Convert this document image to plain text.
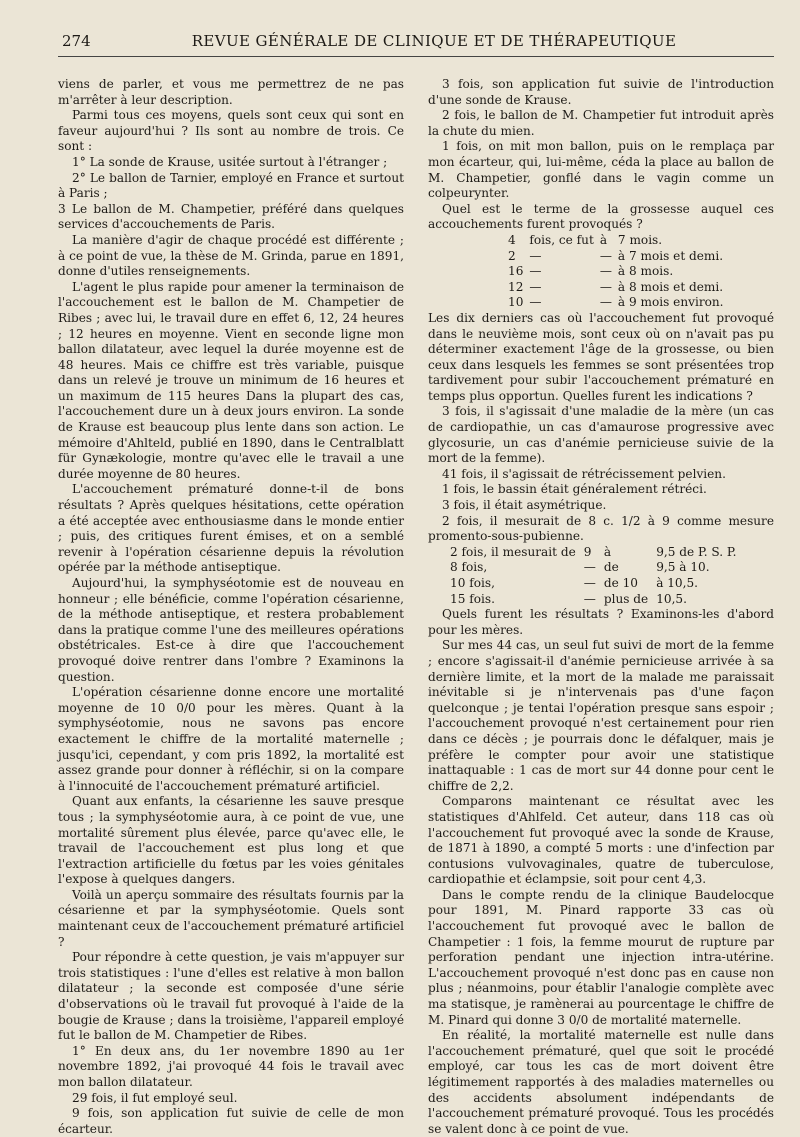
274	REVUE GÉNÉRALE DE CLINIQUE ET DE THÉRAPEUTIQUE

viens de parler, et vous me permettrez de ne pas m'arrêter à leur description.

Parmi tous ces moyens, quels sont ceux qui sont en faveur aujourd'hui ? Ils sont au nombre de trois. Ce sont :

1° La sonde de Krause, usitée surtout à l'étranger ;

2° Le ballon de Tarnier, employé en France et surtout à Paris ;

3 Le ballon de M. Champetier, préféré dans quelques services d'accouchements de Paris.

La manière d'agir de chaque procédé est différente ; à ce point de vue, la thèse de M. Grinda, parue en 1891, donne d'utiles renseignements.

L'agent le plus rapide pour amener la terminaison de l'accouchement est le ballon de M. Champetier de Ribes ; avec lui, le travail dure en effet 6, 12, 24 heures ; 12 heures en moyenne. Vient en seconde ligne mon ballon dilatateur, avec lequel la durée moyenne est de 48 heures. Mais ce chiffre est très variable, puisque dans un relevé je trouve un minimum de 16 heures et un maximum de 115 heures Dans la plupart des cas, l'accouchement dure un à deux jours environ. La sonde de Krause est beaucoup plus lente dans son action. Le mémoire d'Ahlteld, publié en 1890, dans le Centralblatt für Gynækologie, montre qu'avec elle le travail a une durée moyenne de 80 heures.

L'accouchement prématuré donne-t-il de bons résultats ? Après quelques hésitations, cette opération a été acceptée avec enthousiasme dans le monde entier ; puis, des critiques furent émises, et on a semblé revenir à l'opération césarienne depuis la révolution opérée par la méthode antiseptique.

Aujourd'hui, la symphyséotomie est de nouveau en honneur ; elle bénéficie, comme l'opération césarienne, de la méthode antiseptique, et restera probablement dans la pratique comme l'une des meilleures opérations obstétricales. Est-ce à dire que l'accouchement provoqué doive rentrer dans l'ombre ? Examinons la question.

L'opération césarienne donne encore une mortalité moyenne de 10 0/0 pour les mères. Quant à la symphyséotomie, nous ne savons pas encore exactement le chiffre de la mortalité maternelle ; jusqu'ici, cependant, y com pris 1892, la mortalité est assez grande pour donner à réfléchir, si on la compare à l'innocuité de l'accouchement prématuré artificiel.

Quant aux enfants, la césarienne les sauve presque tous ; la symphyséotomie aura, à ce point de vue, une mortalité sûrement plus élevée, parce qu'avec elle, le travail de l'accouchement est plus long et que l'extraction artificielle du fœtus par les voies génitales l'expose à quelques dangers.

Voilà un aperçu sommaire des résultats fournis par la césarienne et par la symphyséotomie. Quels sont maintenant ceux de l'accouchement prématuré artificiel ?

Pour répondre à cette question, je vais m'appuyer sur trois statistiques : l'une d'elles est relative à mon ballon dilatateur ; la seconde est composée d'une série d'observations où le travail fut provoqué à l'aide de la bougie de Krause ; dans la troisième, l'appareil employé fut le ballon de M. Champetier de Ribes.

1° En deux ans, du 1er novembre 1890 au 1er novembre 1892, j'ai provoqué 44 fois le travail avec mon ballon dilatateur.

29 fois, il fut employé seul.

9 fois, son application fut suivie de celle de mon écarteur.

3 fois, son application fut suivie de l'introduction d'une sonde de Krause.

2 fois, le ballon de M. Champetier fut introduit après la chute du mien.

1 fois, on mit mon ballon, puis on le remplaça par mon écarteur, qui, lui-même, céda la place au ballon de M. Champetier, gonflé dans le vagin comme un colpeurynter.

Quel est le terme de la grossesse auquel ces accouchements furent provoqués ?

4	fois, ce fut	à	7 mois.
2	—	—	à 7 mois et demi.
16	—	—	à 8 mois.
12	—	—	à 8 mois et demi.
10	—	—	à 9 mois environ.

Les dix derniers cas où l'accouchement fut provoqué dans le neuvième mois, sont ceux où on n'avait pas pu déterminer exactement l'âge de la grossesse, ou bien ceux dans lesquels les femmes se sont présentées trop tardivement pour subir l'accouchement prématuré en temps plus opportun. Quelles furent les indications ?

3 fois, il s'agissait d'une maladie de la mère (un cas de cardiopathie, un cas d'amaurose progressive avec glycosurie, un cas d'anémie pernicieuse suivie de la mort de la femme).

41 fois, il s'agissait de rétrécissement pelvien.

1 fois, le bassin était généralement rétréci.

3 fois, il était asymétrique.

2 fois, il mesurait de 8 c. 1/2 à 9 comme mesure promento-sous-pubienne.

2 fois, il mesurait de	9	à	9,5 de P. S. P.
8 fois,	—	de	9,5 à 10.
10 fois,	—	de 10	à 10,5.
15 fois.	—	plus de	10,5.

Quels furent les résultats ? Examinons-les d'abord pour les mères.

Sur mes 44 cas, un seul fut suivi de mort de la femme ; encore s'agissait-il d'anémie pernicieuse arrivée à sa dernière limite, et la mort de la malade me paraissait inévitable si je n'intervenais pas d'une façon quelconque ; je tentai l'opération presque sans espoir ; l'accouchement provoqué n'est certainement pour rien dans ce décès ; je pourrais donc le défalquer, mais je préfère le compter pour avoir une statistique inattaquable : 1 cas de mort sur 44 donne pour cent le chiffre de 2,2.

Comparons maintenant ce résultat avec les statistiques d'Ahlfeld. Cet auteur, dans 118 cas où l'accouchement fut provoqué avec la sonde de Krause, de 1871 à 1890, a compté 5 morts : une d'infection par contusions vulvovaginales, quatre de tuberculose, cardiopathie et éclampsie, soit pour cent 4,3.

Dans le compte rendu de la clinique Baudelocque pour 1891, M. Pinard rapporte 33 cas où l'accouchement fut provoqué avec le ballon de Champetier : 1 fois, la femme mourut de rupture par perforation pendant une injection intra-utérine. L'accouchement provoqué n'est donc pas en cause non plus ; néanmoins, pour établir l'analogie complète avec ma statisque, je ramènerai au pourcentage le chiffre de M. Pinard qui donne 3 0/0 de mortalité maternelle.

En réalité, la mortalité maternelle est nulle dans l'accouchement prématuré, quel que soit le procédé employé, car tous les cas de mort doivent être légitimement rapportés à des maladies maternelles ou des accidents absolument indépendants de l'accouchement prématuré provoqué. Tous les procédés se valent donc à ce point de vue.
